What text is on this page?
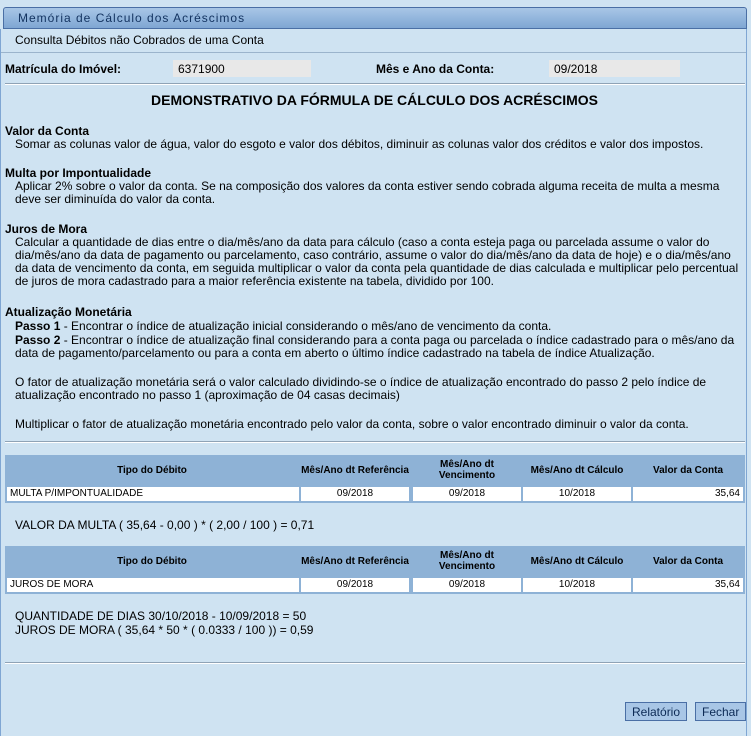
Memória de Cálculo dos Acréscimos
Consulta Débitos não Cobrados de uma Conta
Matrícula do Imóvel:
6371900	Mês e Ano da Conta:
09/2018
DEMONSTRATIVO DA FÓRMULA DE CÁLCULO DOS ACRÉSCIMOS
Valor da Conta
Somar as colunas valor de água, valor do esgoto e valor dos débitos, diminuir as colunas valor dos créditos e valor dos impostos.
Multa por Impontualidade
Aplicar 2% sobre o valor da conta. Se na composição dos valores da conta estiver sendo cobrada alguma receita de multa a mesma deve ser diminuída do valor da conta.
Juros de Mora
Calcular a quantidade de dias entre o dia/mês/ano da data para cálculo (caso a conta esteja paga ou parcelada assume o valor do dia/mês/ano da data de pagamento ou parcelamento, caso contrário, assume o valor do dia/mês/ano da data de hoje) e o dia/mês/ano da data de vencimento da conta, em seguida multiplicar o valor da conta pela quantidade de dias calculada e multiplicar pelo percentual de juros de mora cadastrado para a maior referência existente na tabela, dividido por 100.
Atualização Monetária
Passo 1 - Encontrar o índice de atualização inicial considerando o mês/ano de vencimento da conta.
Passo 2 - Encontrar o índice de atualização final considerando para a conta paga ou parcelada o índice cadastrado para o mês/ano da data de pagamento/parcelamento ou para a conta em aberto o último índice cadastrado na tabela de índice Atualização.
O fator de atualização monetária será o valor calculado dividindo-se o índice de atualização encontrado do passo 2 pelo índice de atualização encontrado no passo 1 (aproximação de 04 casas decimais)
Multiplicar o fator de atualização monetária encontrado pelo valor da conta, sobre o valor encontrado diminuir o valor da conta.
Tipo do Débito	Mês/Ano dt Referência	Mês/Ano dt Vencimento	Mês/Ano dt Cálculo	Valor da Conta
MULTA P/IMPONTUALIDADE	09/2018	09/2018	10/2018	35,64
VALOR DA MULTA ( 35,64 - 0,00 ) * ( 2,00 / 100 ) = 0,71
Tipo do Débito	Mês/Ano dt Referência	Mês/Ano dt Vencimento	Mês/Ano dt Cálculo	Valor da Conta
JUROS DE MORA	09/2018	09/2018	10/2018	35,64
QUANTIDADE DE DIAS 30/10/2018 - 10/09/2018 = 50
JUROS DE MORA ( 35,64 * 50 * ( 0.0333 / 100 )) = 0,59
Relatório	Fechar
